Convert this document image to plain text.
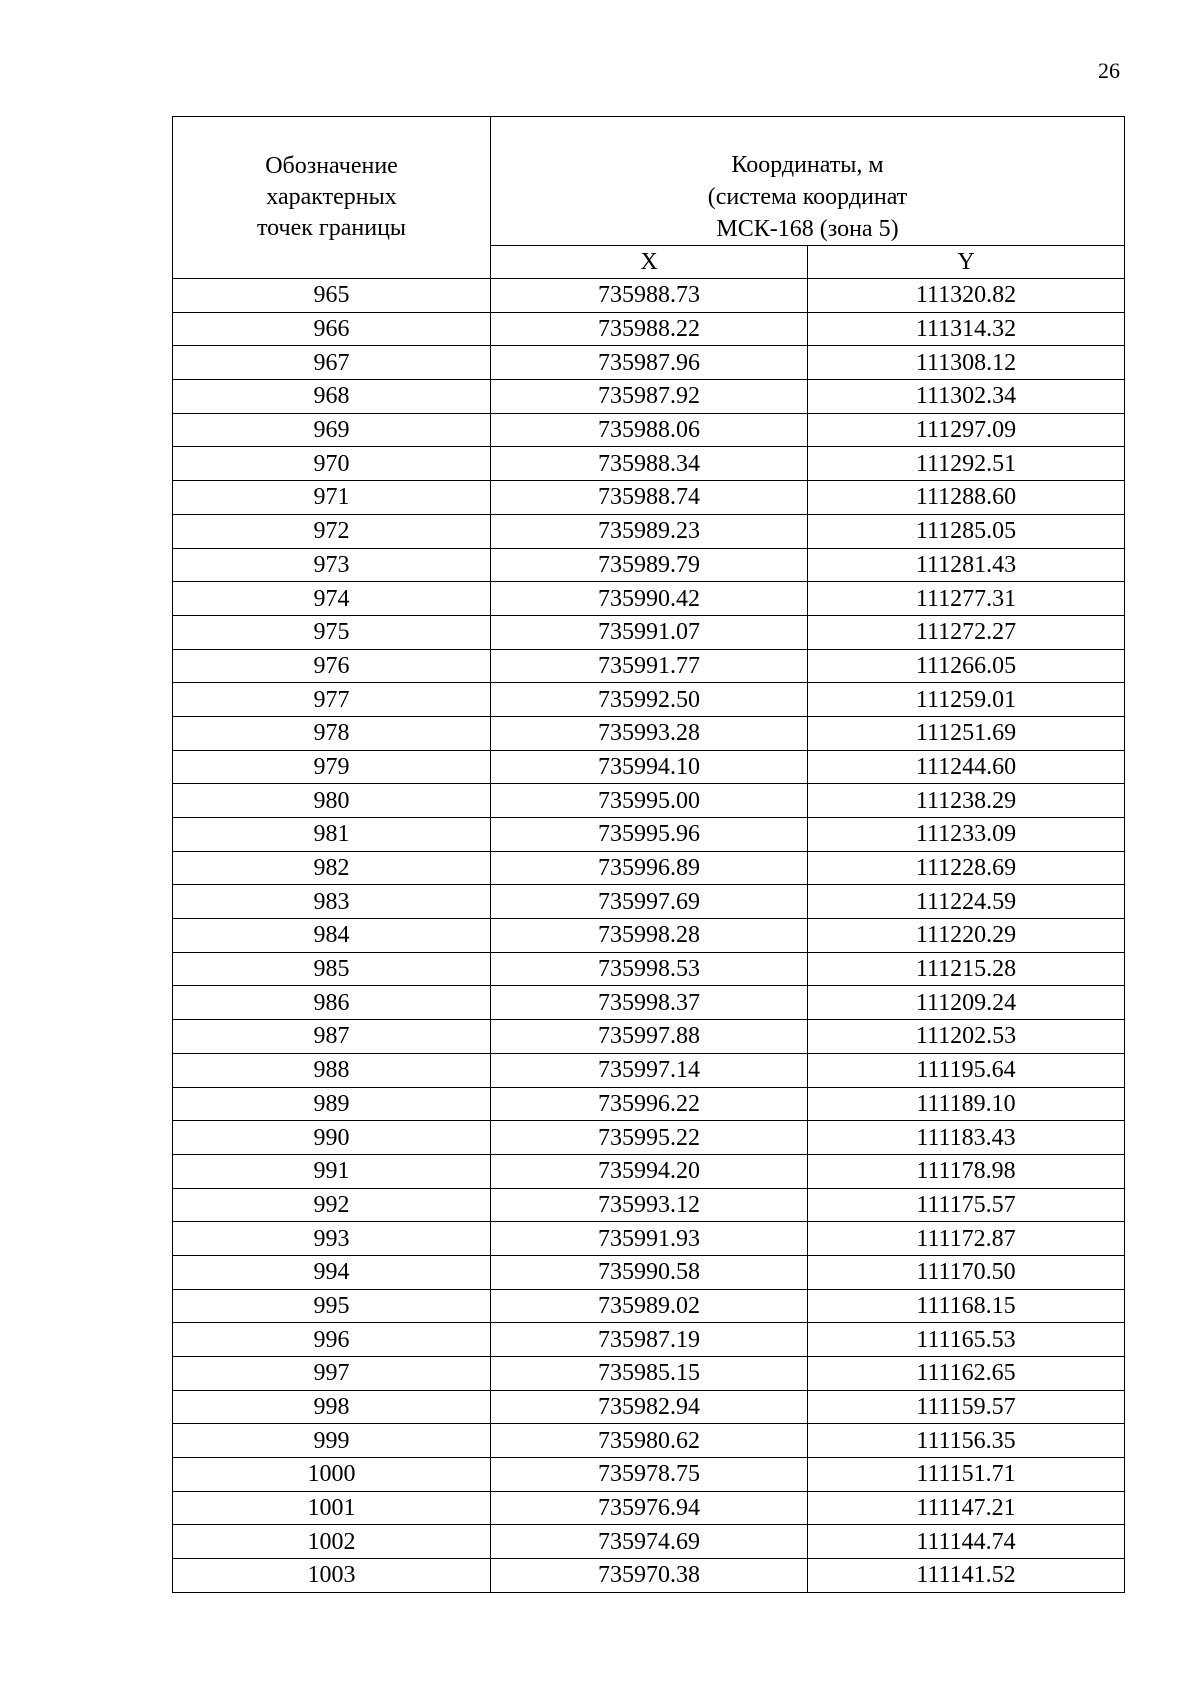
26
Обозначение
характерных
точек границы	Координаты, м
(система координат
МСК-168 (зона 5)	

	X	Y
965	735988.73	111320.82
966	735988.22	111314.32
967	735987.96	111308.12
968	735987.92	111302.34
969	735988.06	111297.09
970	735988.34	111292.51
971	735988.74	111288.60
972	735989.23	111285.05
973	735989.79	111281.43
974	735990.42	111277.31
975	735991.07	111272.27
976	735991.77	111266.05
977	735992.50	111259.01
978	735993.28	111251.69
979	735994.10	111244.60
980	735995.00	111238.29
981	735995.96	111233.09
982	735996.89	111228.69
983	735997.69	111224.59
984	735998.28	111220.29
985	735998.53	111215.28
986	735998.37	111209.24
987	735997.88	111202.53
988	735997.14	111195.64
989	735996.22	111189.10
990	735995.22	111183.43
991	735994.20	111178.98
992	735993.12	111175.57
993	735991.93	111172.87
994	735990.58	111170.50
995	735989.02	111168.15
996	735987.19	111165.53
997	735985.15	111162.65
998	735982.94	111159.57
999	735980.62	111156.35
1000	735978.75	111151.71
1001	735976.94	111147.21
1002	735974.69	111144.74
1003	735970.38	111141.52
